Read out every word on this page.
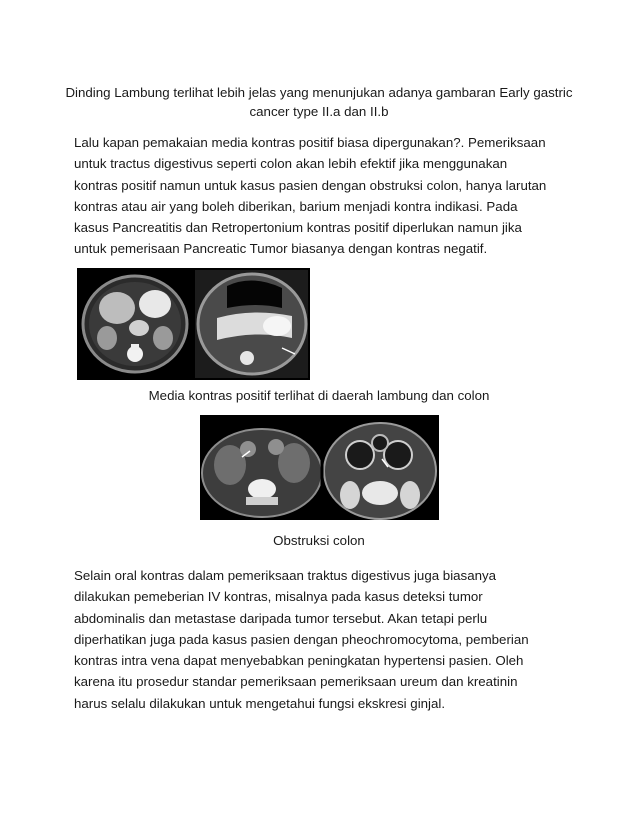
Dinding Lambung terlihat lebih jelas yang menunjukan adanya gambaran Early gastric cancer type II.a dan II.b
Lalu kapan pemakaian media kontras positif biasa dipergunakan?. Pemeriksaan
untuk tractus digestivus seperti colon akan lebih efektif jika menggunakan
kontras positif namun untuk kasus pasien dengan obstruksi colon, hanya larutan
kontras atau air yang boleh diberikan, barium menjadi kontra indikasi. Pada
kasus Pancreatitis dan Retropertonium kontras positif diperlukan namun jika
untuk pemerisaan Pancreatic Tumor biasanya dengan kontras negatif.
Media kontras positif terlihat di daerah lambung dan colon
Obstruksi colon
Selain oral kontras dalam pemeriksaan traktus digestivus juga biasanya
dilakukan pemeberian IV kontras, misalnya pada kasus deteksi tumor
abdominalis dan metastase daripada tumor tersebut. Akan tetapi perlu
diperhatikan juga pada kasus pasien dengan pheochromocytoma, pemberian
kontras intra vena dapat menyebabkan peningkatan hypertensi pasien. Oleh
karena itu prosedur standar pemeriksaan pemeriksaan ureum dan kreatinin
harus selalu dilakukan untuk mengetahui fungsi ekskresi ginjal.
